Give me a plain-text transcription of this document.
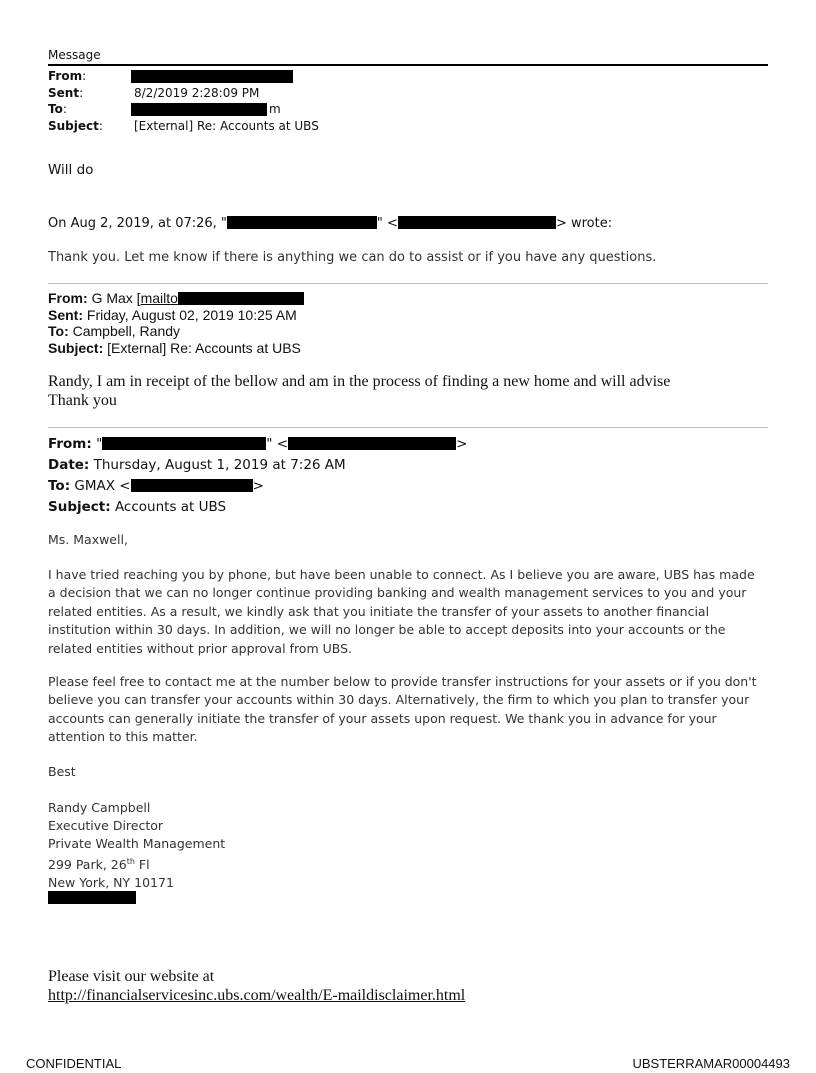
Message
From:
Sent:	8/2/2019 2:28:09 PM
To:	m
Subject:	[External] Re: Accounts at UBS
Will do
On Aug 2, 2019, at 07:26, "	" <	> wrote:
Thank you. Let me know if there is anything we can do to assist or if you have any questions.
From: G Max [mailto
Sent: Friday, August 02, 2019 10:25 AM
To: Campbell, Randy
Subject: [External] Re: Accounts at UBS
Randy, I am in receipt of the bellow and am in the process of finding a new home and will advise
Thank you
From: "	" <	>
Date: Thursday, August 1, 2019 at 7:26 AM
To: GMAX <	>
Subject: Accounts at UBS
Ms. Maxwell,
I have tried reaching you by phone, but have been unable to connect. As I believe you are aware, UBS has made a decision that we can no longer continue providing banking and wealth management services to you and your related entities. As a result, we kindly ask that you initiate the transfer of your assets to another financial institution within 30 days. In addition, we will no longer be able to accept deposits into your accounts or the related entities without prior approval from UBS.
Please feel free to contact me at the number below to provide transfer instructions for your assets or if you don't believe you can transfer your accounts within 30 days. Alternatively, the firm to which you plan to transfer your accounts can generally initiate the transfer of your assets upon request. We thank you in advance for your attention to this matter.
Best
Randy Campbell
Executive Director
Private Wealth Management
299 Park, 26th Fl
New York, NY 10171
Please visit our website at
http://financialservicesinc.ubs.com/wealth/E-maildisclaimer.html
CONFIDENTIAL	UBSTERRAMAR00004493
